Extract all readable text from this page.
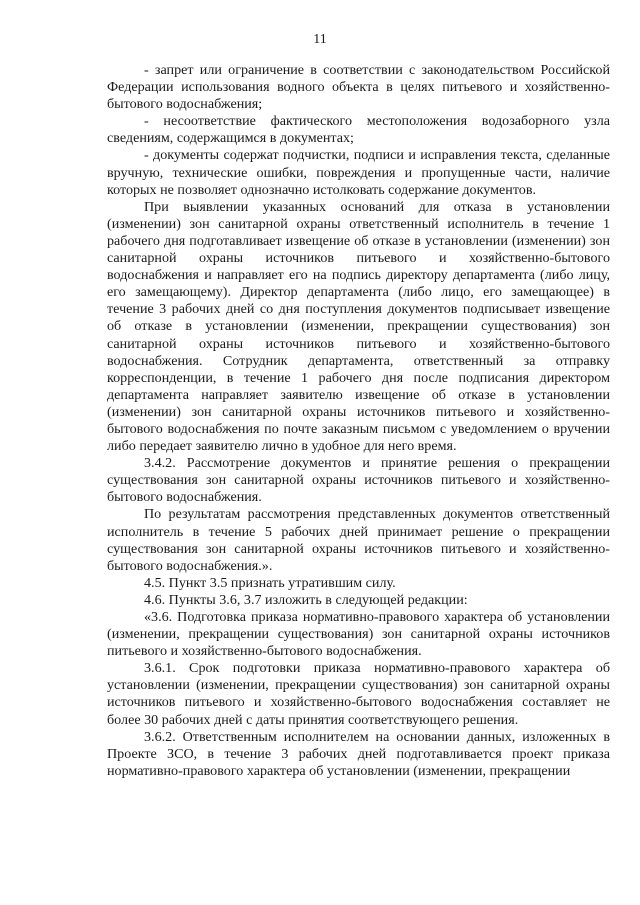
11

- запрет или ограничение в соответствии с законодательством Российской Федерации использования водного объекта в целях питьевого и хозяйственно-бытового водоснабжения;

- несоответствие фактического местоположения водозаборного узла сведениям, содержащимся в документах;

- документы содержат подчистки, подписи и исправления текста, сделанные вручную, технические ошибки, повреждения и пропущенные части, наличие которых не позволяет однозначно истолковать содержание документов.

При выявлении указанных оснований для отказа в установлении (изменении) зон санитарной охраны ответственный исполнитель в течение 1 рабочего дня подготавливает извещение об отказе в установлении (изменении) зон санитарной охраны источников питьевого и хозяйственно-бытового водоснабжения и направляет его на подпись директору департамента (либо лицу, его замещающему). Директор департамента (либо лицо, его замещающее) в течение 3 рабочих дней со дня поступления документов подписывает извещение об отказе в установлении (изменении, прекращении существования) зон санитарной охраны источников питьевого и хозяйственно-бытового водоснабжения. Сотрудник департамента, ответственный за отправку корреспонденции, в течение 1 рабочего дня после подписания директором департамента направляет заявителю извещение об отказе в установлении (изменении) зон санитарной охраны источников питьевого и хозяйственно-бытового водоснабжения по почте заказным письмом с уведомлением о вручении либо передает заявителю лично в удобное для него время.

3.4.2. Рассмотрение документов и принятие решения о прекращении существования зон санитарной охраны источников питьевого и хозяйственно-бытового водоснабжения.

По результатам рассмотрения представленных документов ответственный исполнитель в течение 5 рабочих дней принимает решение о прекращении существования зон санитарной охраны источников питьевого и хозяйственно-бытового водоснабжения.».

4.5. Пункт 3.5 признать утратившим силу.

4.6. Пункты 3.6, 3.7 изложить в следующей редакции:

«3.6. Подготовка приказа нормативно-правового характера об установлении (изменении, прекращении существования) зон санитарной охраны источников питьевого и хозяйственно-бытового водоснабжения.

3.6.1. Срок подготовки приказа нормативно-правового характера об установлении (изменении, прекращении существования) зон санитарной охраны источников питьевого и хозяйственно-бытового водоснабжения составляет не более 30 рабочих дней с даты принятия соответствующего решения.

3.6.2. Ответственным исполнителем на основании данных, изложенных в Проекте ЗСО, в течение 3 рабочих дней подготавливается проект приказа нормативно-правового характера об установлении (изменении, прекращении
